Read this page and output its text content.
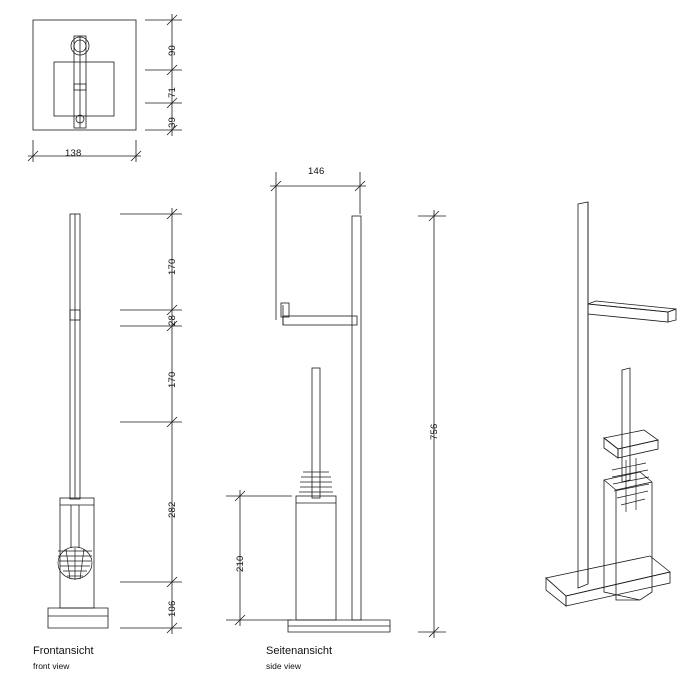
90
71
39
138
170
28
170
282
106
146
756
210
Frontansicht
front view
Seitenansicht
side view
